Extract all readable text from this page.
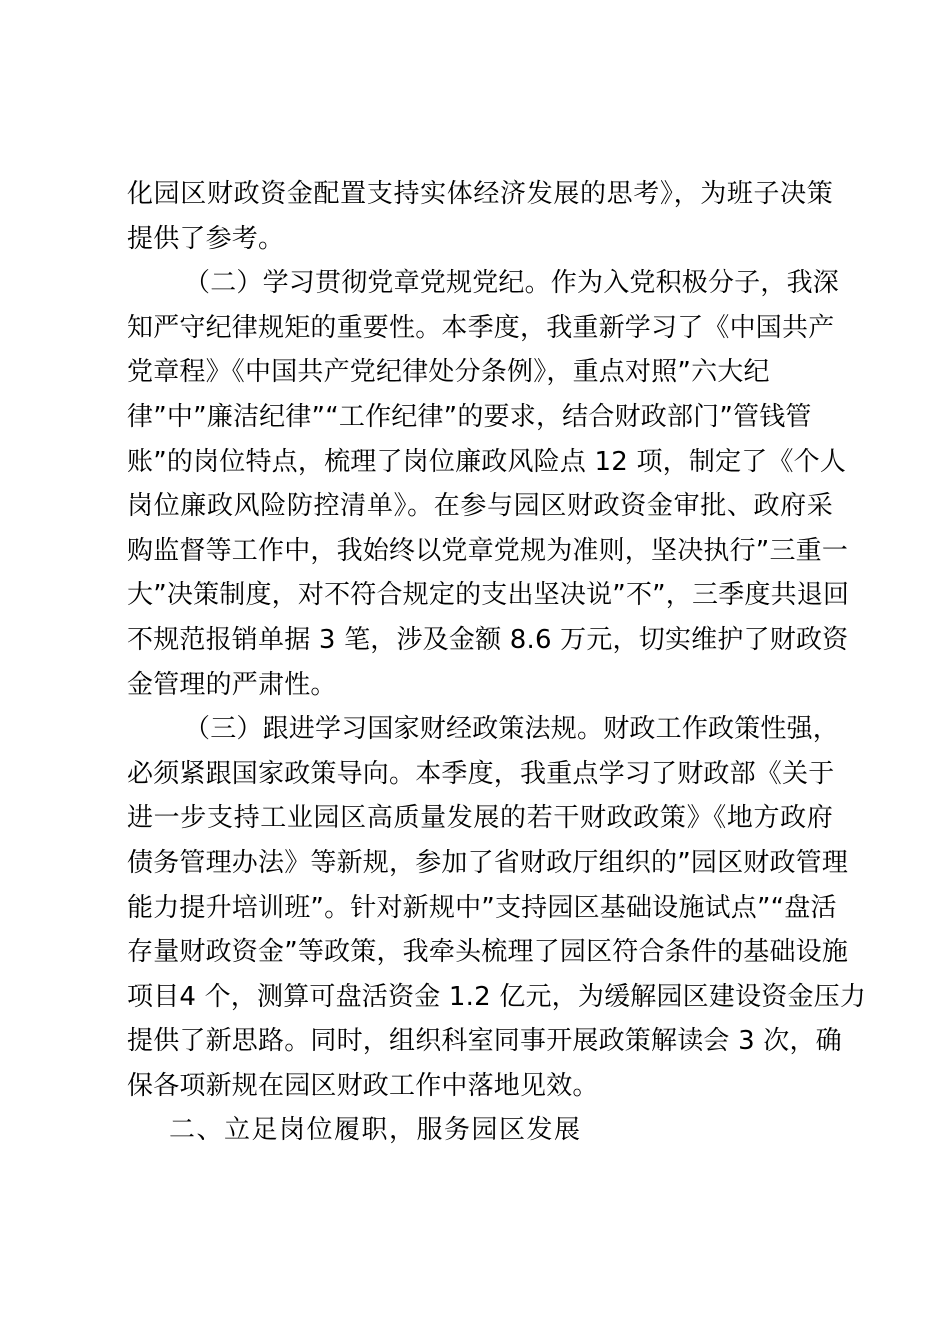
化园区财政资金配置支持实体经济发展的思考》，为班子决策
提供了参考。
（二）学习贯彻党章党规党纪。作为入党积极分子，我深
知严守纪律规矩的重要性。本季度，我重新学习了《中国共产
党章程》《中国共产党纪律处分条例》，重点对照”六大纪
律”中”廉洁纪律”“工作纪律”的要求，结合财政部门”管钱管
账”的岗位特点，梳理了岗位廉政风险点 12 项，制定了《个人
岗位廉政风险防控清单》。在参与园区财政资金审批、政府采
购监督等工作中，我始终以党章党规为准则，坚决执行”三重一
大”决策制度，对不符合规定的支出坚决说”不”，三季度共退回
不规范报销单据 3 笔，涉及金额 8.6 万元，切实维护了财政资
金管理的严肃性。
（三）跟进学习国家财经政策法规。财政工作政策性强，
必须紧跟国家政策导向。本季度，我重点学习了财政部《关于
进一步支持工业园区高质量发展的若干财政政策》《地方政府
债务管理办法》等新规，参加了省财政厅组织的”园区财政管理
能力提升培训班”。针对新规中”支持园区基础设施试点”“盘活
存量财政资金”等政策，我牵头梳理了园区符合条件的基础设施
项目4 个，测算可盘活资金 1.2 亿元，为缓解园区建设资金压力
提供了新思路。同时，组织科室同事开展政策解读会 3 次，确
保各项新规在园区财政工作中落地见效。
二、立足岗位履职，服务园区发展
